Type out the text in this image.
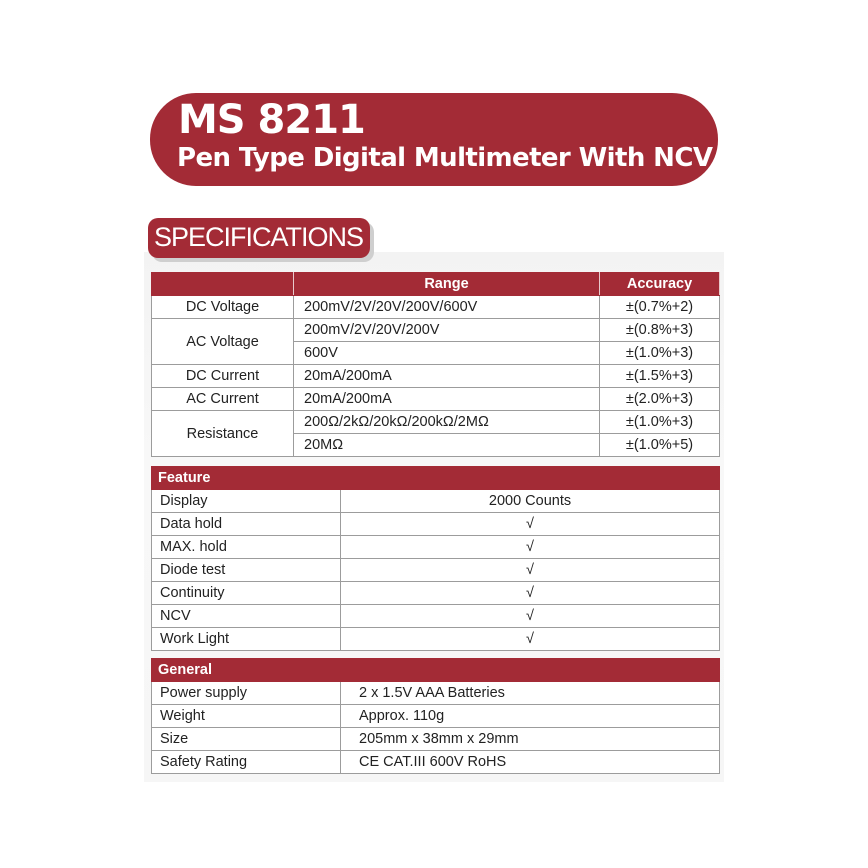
MS 8211
Pen Type Digital Multimeter With NCV
SPECIFICATIONS
	Range	Accuracy
DC Voltage	200mV/2V/20V/200V/600V	±(0.7%+2)
AC Voltage	200mV/2V/20V/200V	±(0.8%+3)
	600V	±(1.0%+3)
DC Current	20mA/200mA	±(1.5%+3)
AC Current	20mA/200mA	±(2.0%+3)
Resistance	200Ω/2kΩ/20kΩ/200kΩ/2MΩ	±(1.0%+3)
	20MΩ	±(1.0%+5)
Feature	
Display	2000 Counts
Data hold	√
MAX. hold	√
Diode test	√
Continuity	√
NCV	√
Work Light	√
General	
Power supply	2 x 1.5V AAA Batteries
Weight	Approx. 110g
Size	205mm x 38mm x 29mm
Safety Rating	CE CAT.III 600V RoHS
